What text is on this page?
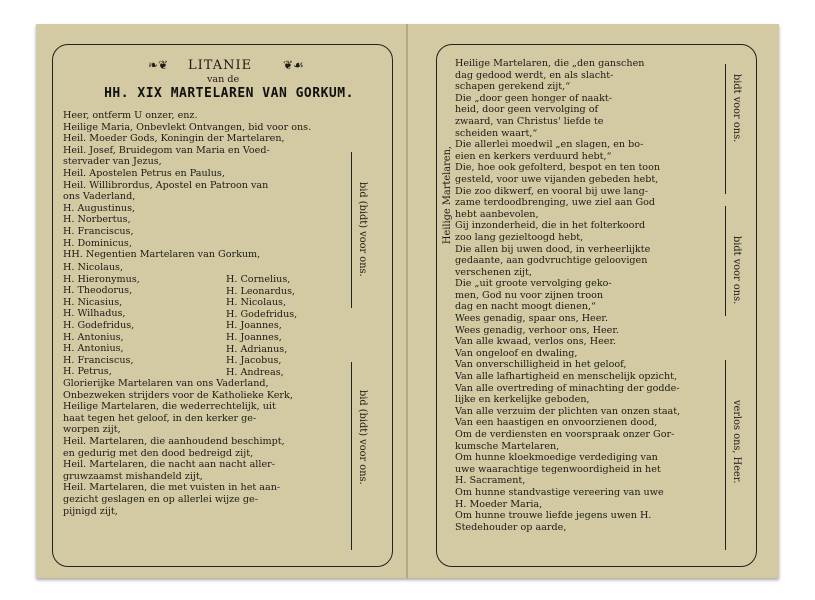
❧❦ LITANIE	❦☙
van de
HH. XIX MARTELAREN VAN GORKUM.
Heer, ontferm U onzer, enz.
Heilige Maria, Onbevlekt Ontvangen, bid voor ons.
Heil. Moeder Gods, Koningin der Martelaren,
Heil. Josef, Bruidegom van Maria en Voed-
stervader van Jezus,
Heil. Apostelen Petrus en Paulus,
Heil. Willibrordus, Apostel en Patroon van
ons Vaderland,
H. Augustinus,
H. Norbertus,
H. Franciscus,
H. Dominicus,
HH. Negentien Martelaren van Gorkum,
H. Nicolaus,
H. Hieronymus,
H. Theodorus,
H. Nicasius,
H. Wilhadus,
H. Godefridus,
H. Antonius,
H. Antonius,
H. Franciscus,
H. Petrus,
H. Cornelius,
H. Leonardus,
H. Nicolaus,
H. Godefridus,
H. Joannes,
H. Joannes,
H. Adrianus,
H. Jacobus,
H. Andreas,
Glorierijke Martelaren van ons Vaderland,
Onbezweken strijders voor de Katholieke Kerk,
Heilige Martelaren, die wederrechtelijk, uit
haat tegen het geloof, in den kerker ge-
worpen zijt,
Heil. Martelaren, die aanhoudend beschimpt,
en gedurig met den dood bedreigd zijt,
Heil. Martelaren, die nacht aan nacht aller-
gruwzaamst mishandeld zijt,
Heil. Martelaren, die met vuisten in het aan-
gezicht geslagen en op allerlei wijze ge-
pijnigd zijt,
bid (bidt) voor ons.
bid (bidt) voor ons.
Heilige Martelaren, die „den ganschen
dag gedood werdt, en als slacht-
schapen gerekend zijt,“
Die „door geen honger of naakt-
heid, door geen vervolging of
zwaard, van Christus' liefde te
scheiden waart,“
Die allerlei moedwil „en slagen, en bo-
eien en kerkers verduurd hebt,“
Die, hoe ook gefolterd, bespot en ten toon
gesteld, voor uwe vijanden gebeden hebt,
Die zoo dikwerf, en vooral bij uwe lang-
zame terdoodbrenging, uwe ziel aan God
hebt aanbevolen,
Gij inzonderheid, die in het folterkoord
zoo lang gezieltoogd hebt,
Die allen bij uwen dood, in verheerlijkte
gedaante, aan godvruchtige geloovigen
verschenen zijt,
Die „uit groote vervolging gekо-
men, God nu voor zijnen troon
dag en nacht moogt dienen,“
Wees genadig, spaar ons, Heer.
Wees genadig, verhoor ons, Heer.
Van alle kwaad, verlos ons, Heer.
Van ongeloof en dwaling,
Van onverschilligheid in het geloof,
Van alle lafhartigheid en menschelijk opzicht,
Van alle overtreding of minachting der godde-
lijke en kerkelijke geboden,
Van alle verzuim der plichten van onzen staat,
Van een haastigen en onvoorzienen dood,
Om de verdiensten en voorspraak onzer Gor-
kumsche Martelaren,
Om hunne kloekmoedige verdediging van
uwe waarachtige tegenwoordigheid in het
H. Sacrament,
Om hunne standvastige vereering van uwe
H. Moeder Maria,
Om hunne trouwe liefde jegens uwen H.
Stedehouder op aarde,
Heilige Martelaren,
bidt voor ons.
bidt voor ons.
verlos ons, Heer.
